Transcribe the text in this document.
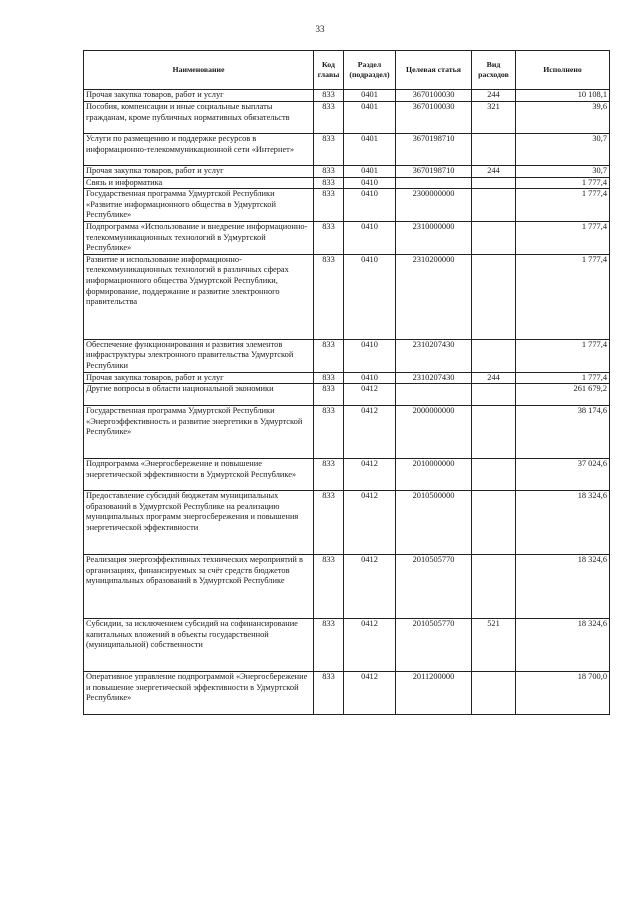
33
Наименование	Код главы	Раздел (подраздел)	Целевая статья	Вид расходов	Исполнено
Прочая закупка товаров, работ и услуг	833	0401	3670100030	244	10 108,1
Пособия, компенсации и иные социальные выплаты гражданам, кроме публичных нормативных обязательств	833	0401	3670100030	321	39,6
Услуги по размещению и поддержке ресурсов в информационно-телекоммуникационной сети «Интернет»	833	0401	3670198710		30,7
Прочая закупка товаров, работ и услуг	833	0401	3670198710	244	30,7
Связь и информатика	833	0410			1 777,4
Государственная программа Удмуртской Республики «Развитие информационного общества в Удмуртской Республике»	833	0410	2300000000		1 777,4
Подпрограмма «Использование и внедрение информационно-телекоммуникационных технологий в Удмуртской Республике»	833	0410	2310000000		1 777,4
Развитие и использование информационно-телекоммуникационных технологий в различных сферах информационного общества Удмуртской Республики, формирование, поддержание и развитие электронного правительства	833	0410	2310200000		1 777,4
Обеспечение функционирования и развития элементов инфраструктуры электронного правительства Удмуртской Республики	833	0410	2310207430		1 777,4
Прочая закупка товаров, работ и услуг	833	0410	2310207430	244	1 777,4
Другие вопросы в области национальной экономики	833	0412			261 679,2
Государственная программа Удмуртской Республики «Энергоэффективность и развитие энергетики в Удмуртской Республике»	833	0412	2000000000		38 174,6
Подпрограмма «Энергосбережение и повышение энергетической эффективности в Удмуртской Республике»	833	0412	2010000000		37 024,6
Предоставление субсидий бюджетам муниципальных образований в Удмуртской Республике на реализацию муниципальных программ энергосбережения и повышения энергетической эффективности	833	0412	2010500000		18 324,6
Реализация энергоэффективных технических мероприятий в организациях, финансируемых за счёт средств бюджетов муниципальных образований в Удмуртской Республике	833	0412	2010505770		18 324,6
Субсидии, за исключением субсидий на софинансирование капитальных вложений в объекты государственной (муниципальной) собственности	833	0412	2010505770	521	18 324,6
Оперативное управление подпрограммой «Энергосбережение и повышение энергетической эффективности в Удмуртской Республике»	833	0412	2011200000		18 700,0
